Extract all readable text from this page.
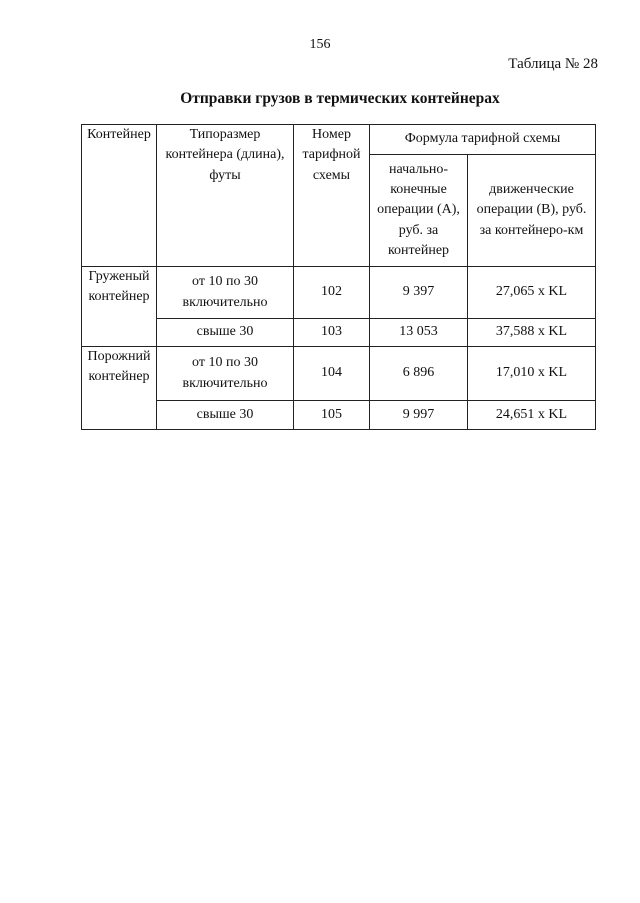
156
Таблица № 28
Отправки грузов в термических контейнерах
Контейнер	Типоразмер контейнера (длина), футы	Номер тарифной схемы	Формула тарифной схемы	
			начально-конечные операции (А), руб. за контейнер	движенческие операции (В), руб. за контейнеро-км
Груженый контейнер	от 10 по 30 включительно	102	9 397	27,065 x KL
	свыше 30	103	13 053	37,588 x KL
Порожний контейнер	от 10 по 30 включительно	104	6 896	17,010 x KL
	свыше 30	105	9 997	24,651 x KL
